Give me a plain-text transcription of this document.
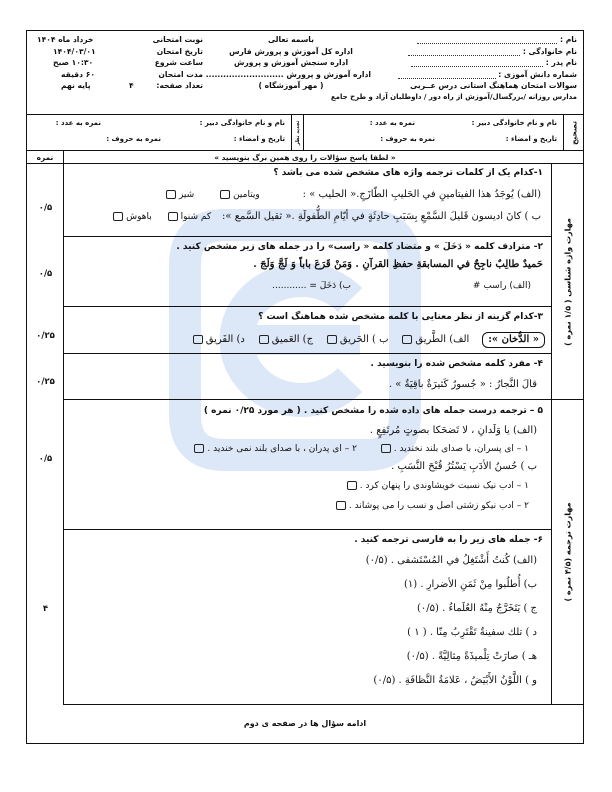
نام :
نام خانوادگی :
نام پدر :
شماره دانش آموزی :
سوالات امتحان هماهنگ استانی درس عــربی
مدارس روزانه /بزرگسال/آموزش از راه دور / داوطلبان آزاد و طرح جامع
باسمه تعالی
اداره کل آموزش و پرورش فارس
اداره سنجش آموزش و پرورش
اداره آموزش و پرورش ...........................
( مهر آموزشگاه )
نوبت امتحانی
خرداد ماه ۱۴۰۴
تاریخ امتحان
۱۴۰۴/۰۳/۰۱
ساعت شروع
۱۰:۳۰ صبح
مدت امتحان
۶۰ دقیقه
تعداد صفحه:
۴
پایه نهم
تصحیح
نام و نام خانوادگی دبیر :
تاریخ و امضاء :
نمره به عدد :
نمره به حروف :
تجدید نظر
نام و نام خانوادگی دبیر :
تاریخ و امضاء :
نمره به عدد :
نمره به حروف :
« لطفا پاسخ سؤالات را روی همین برگ بنویسید »
نمره
مهارت واژه شناسی ( ۱/۵ نمره )
مهارت ترجمه (۴/۵ نمره )
۰/۵
۰/۵
۰/۲۵
۰/۲۵
۰/۵
۴
۱-کدام یک از کلمات ترجمه واژه های مشخص شده می باشد ؟
(الف) يُوجَدُ هذا الفيتامينِ في الحَليبِ الطّازَجِ.« الحليب » : ویتامین شیر
ب ) كانَ ادیسون قَليلَ السَّمْعِ بِسَبَبِ حادِثَةٍ في أيّامِ الطُّفولَةِ .« ثقيل السَّمع »: کم شنوا باهوش
۲- مترادف کلمه « دَخَلَ » و متضاد کلمه « راسب» را در جمله های زیر مشخص کنید .
حَميدٌ طالِبٌ ناجِحٌ في المسابقةِ حفظِ القرآنِ . وَمَنْ قَرَعَ باباً وَ لَجَّ وَلَجَ .
(الف) راسب #
ب) دَخَلَ = ............
۳-کدام گزینه از نظر معنایی با کلمه مشخص شده هماهنگ است ؟
« الدُّخان »: الف) الطَّريق ب ) الحَريق ج) العَميق د) الفَريق
۴- مفرد کلمه مشخص شده را بنویسید .
قالَ النَّجارُ : « جُسورٌ كَثيرَةٌ باقِيَةٌ » .
۵ – ترجمه درست جمله های داده شده را مشخص کنید . ( هر مورد ۰/۲۵ نمره )
(الف) يا وَلَدانِ ، لا تَضحَكا بصوتٍ مُرتَفِعٍ .
۱ – ای پسران، با صدای بلند نخندید . ۲ – ای پدران ، با صدای بلند نمی خندید .
ب ) حُسنُ الأدَبِ يَسْتُرُ قُبْحَ النَّسَبِ .
۱ – ادب نیک نسبت خویشاوندی را پنهان کرد .
۲ – ادب نیکو زشتی اصل و نسب را می پوشاند .
۶- جمله های زیر را به فارسی ترجمه کنید .
(الف) كُنتُ أَشْتَغِلُ في المُسْتَشفى . (۰/۵)
ب) أُطلُبوا مِنْ ثَمَنِ الأضرارِ . (۱)
ج ) يَتَخَرَّجُ مِنْهُ العُلَماءُ . (۰/۵)
د ) تلك سفينةٌ تَقْتَرِبُ مِنّا . ( ۱ )
هـ ) صارَتْ تِلْميذَةً مِثالِيَّةً . (۰/۵)
و ) اللَّوْنُ الأَبْيَضُ ، عَلامَةُ النَّظافَةِ . (۰/۵)
ادامه سؤال ها در صفحه ی دوم
